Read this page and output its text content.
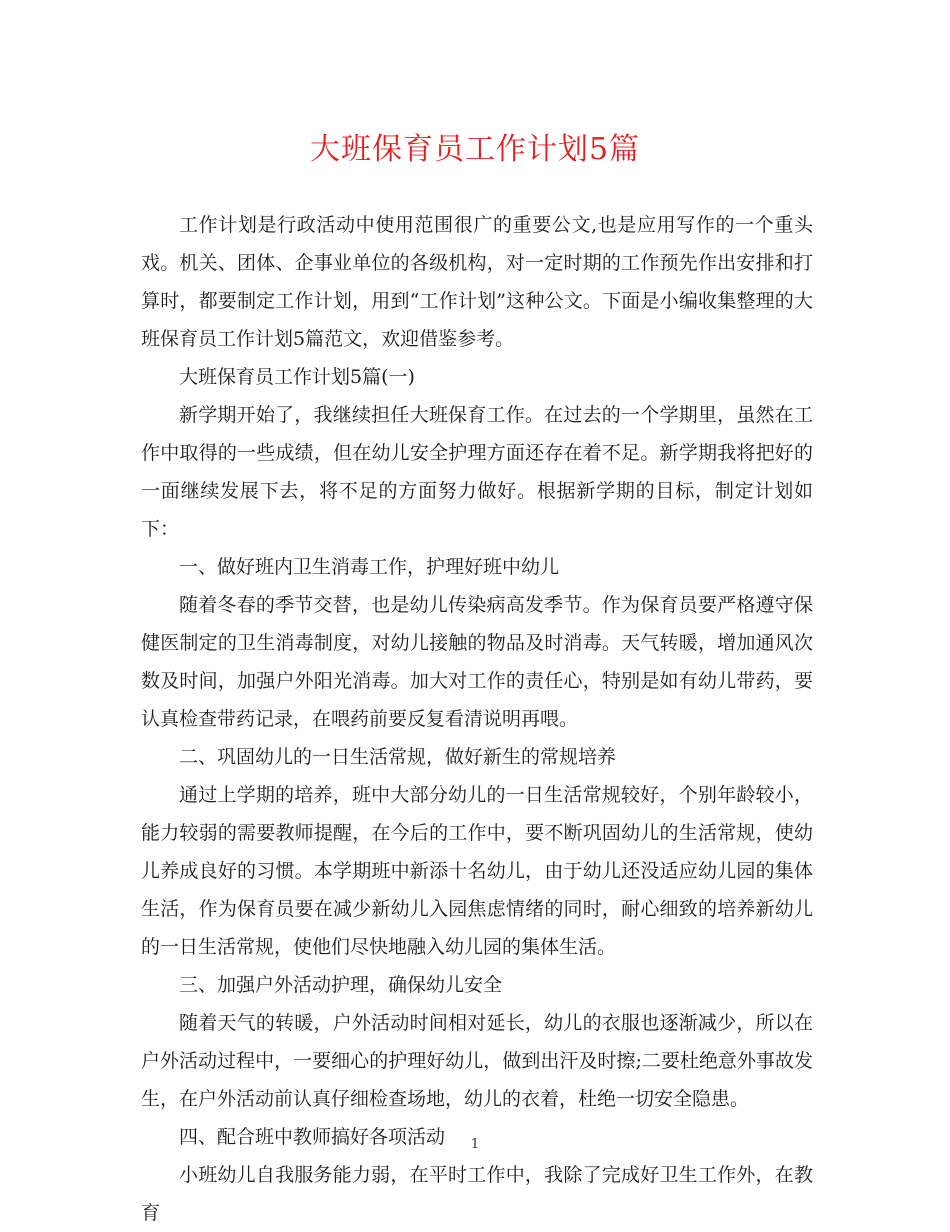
大班保育员工作计划5篇

工作计划是行政活动中使用范围很广的重要公文,也是应用写作的一个重头戏。机关、团体、企事业单位的各级机构，对一定时期的工作预先作出安排和打算时，都要制定工作计划，用到“工作计划”这种公文。下面是小编收集整理的大班保育员工作计划5篇范文，欢迎借鉴参考。

大班保育员工作计划5篇(一)

新学期开始了，我继续担任大班保育工作。在过去的一个学期里，虽然在工作中取得的一些成绩，但在幼儿安全护理方面还存在着不足。新学期我将把好的一面继续发展下去，将不足的方面努力做好。根据新学期的目标，制定计划如下：

一、做好班内卫生消毒工作，护理好班中幼儿

随着冬春的季节交替，也是幼儿传染病高发季节。作为保育员要严格遵守保健医制定的卫生消毒制度，对幼儿接触的物品及时消毒。天气转暖，增加通风次数及时间，加强户外阳光消毒。加大对工作的责任心，特别是如有幼儿带药，要认真检查带药记录，在喂药前要反复看清说明再喂。

二、巩固幼儿的一日生活常规，做好新生的常规培养

通过上学期的培养，班中大部分幼儿的一日生活常规较好，个别年龄较小，能力较弱的需要教师提醒，在今后的工作中，要不断巩固幼儿的生活常规，使幼儿养成良好的习惯。本学期班中新添十名幼儿，由于幼儿还没适应幼儿园的集体生活，作为保育员要在减少新幼儿入园焦虑情绪的同时，耐心细致的培养新幼儿的一日生活常规，使他们尽快地融入幼儿园的集体生活。

三、加强户外活动护理，确保幼儿安全

随着天气的转暖，户外活动时间相对延长，幼儿的衣服也逐渐减少，所以在户外活动过程中，一要细心的护理好幼儿，做到出汗及时擦;二要杜绝意外事故发生，在户外活动前认真仔细检查场地，幼儿的衣着，杜绝一切安全隐患。

四、配合班中教师搞好各项活动

小班幼儿自我服务能力弱，在平时工作中，我除了完成好卫生工作外，在教育

1
